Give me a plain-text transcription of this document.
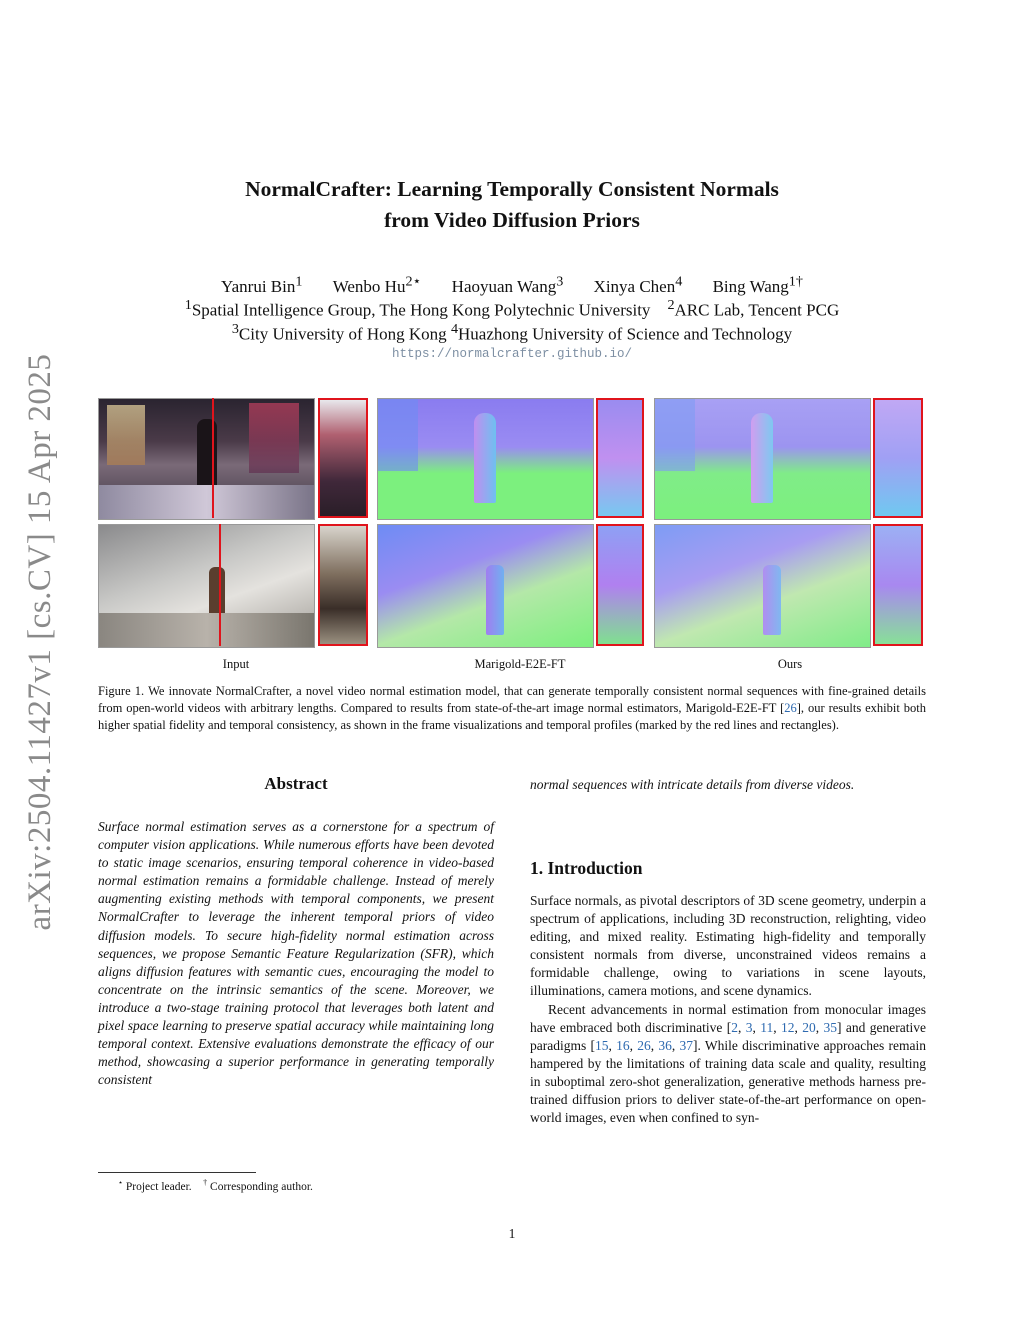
arXiv:2504.11427v1 [cs.CV] 15 Apr 2025
NormalCrafter: Learning Temporally Consistent Normals
from Video Diffusion Priors
Yanrui Bin$^1$ Wenbo $Hu^{2⋆}$ Haoyuan Wang$^3$ Xinya Chen$^4$ Bing Wang$^{1\dagger}$
$^1$Spatial Intelligence Group, The Hong Kong Polytechnic University $^2$ARC Lab, Tencent PCG
$^3$City University of Hong Kong $^4$Huazhong University of Science and Technology
https://normalcrafter.github.io/
Input	Marigold-E2E-FT	Ours
Figure 1. We innovate NormalCrafter, a novel video normal estimation model, that can generate temporally consistent normal sequences with fine-grained details from open-world videos with arbitrary lengths. Compared to results from state-of-the-art image normal estimators, Marigold-E2E-FT [26], our results exhibit both higher spatial fidelity and temporal consistency, as shown in the frame visualizations and temporal profiles (marked by the red lines and rectangles).
Abstract
Surface normal estimation serves as a cornerstone for a spectrum of computer vision applications. While numerous efforts have been devoted to static image scenarios, ensuring temporal coherence in video-based normal estimation remains a formidable challenge. Instead of merely augmenting existing methods with temporal components, we present NormalCrafter to leverage the inherent temporal priors of video diffusion models. To secure high-fidelity normal estimation across sequences, we propose Semantic Feature Regularization (SFR), which aligns diffusion features with semantic cues, encouraging the model to concentrate on the intrinsic semantics of the scene. Moreover, we introduce a two-stage training protocol that leverages both latent and pixel space learning to preserve spatial accuracy while maintaining long temporal context. Extensive evaluations demonstrate the efficacy of our method, showcasing a superior performance in generating temporally consistent
normal sequences with intricate details from diverse videos.
⋆ Project leader. † Corresponding author.
1. Introduction

Surface normals, as pivotal descriptors of 3D scene geometry, underpin a spectrum of applications, including 3D reconstruction, relighting, video editing, and mixed reality. Estimating high-fidelity and temporally consistent normals from diverse, unconstrained videos remains a formidable challenge, owing to variations in scene layouts, illuminations, camera motions, and scene dynamics.

Recent advancements in normal estimation from monocular images have embraced both discriminative [2, 3, 11, 12, 20, 35] and generative paradigms [15, 16, 26, 36, 37]. While discriminative approaches remain hampered by the limitations of training data scale and quality, resulting in suboptimal zero-shot generalization, generative methods harness pre-trained diffusion priors to deliver state-of-the-art performance on open-world images, even when confined to syn-

1
